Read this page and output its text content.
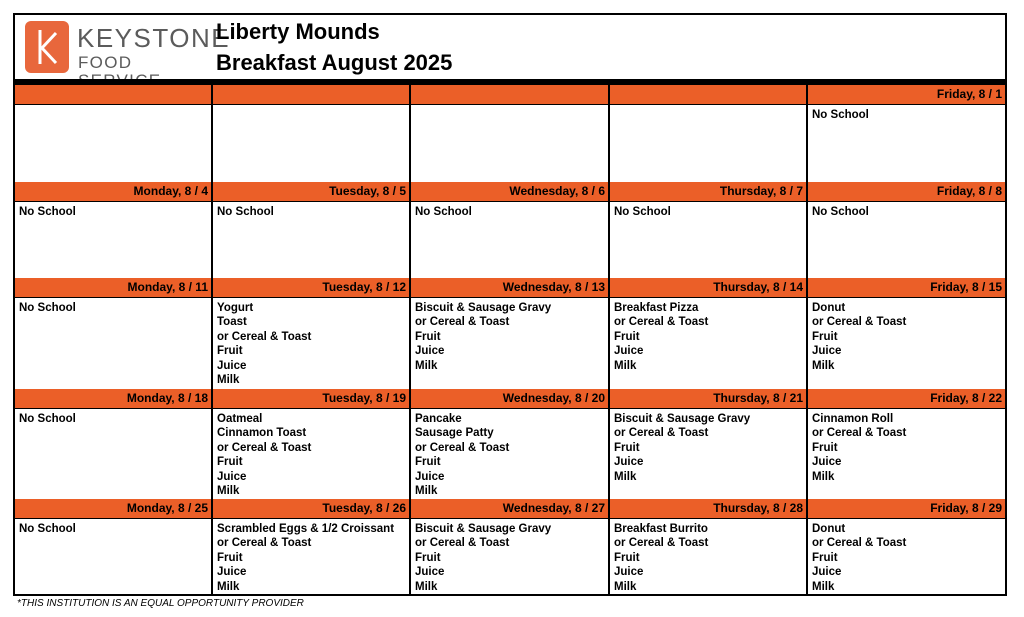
KEYSTONE
FOOD
Liberty Mounds
Breakfast August 2025
Friday, 8 / 1
No School
Monday, 8 / 4
No School
Tuesday, 8 / 5
No School
Wednesday, 8 / 6
No School
Thursday, 8 / 7
No School
Friday, 8 / 8
No School
Monday, 8 / 11
No School
Tuesday, 8 / 12
Yogurt
Toast
or Cereal & Toast
Fruit
Juice
Milk
Wednesday, 8 / 13
Biscuit & Sausage Gravy
or Cereal & Toast
Fruit
Juice
Milk
Thursday, 8 / 14
Breakfast Pizza
or Cereal & Toast
Fruit
Juice
Milk
Friday, 8 / 15
Donut
or Cereal & Toast
Fruit
Juice
Milk
Monday, 8 / 18
No School
Tuesday, 8 / 19
Oatmeal
Cinnamon Toast
or Cereal & Toast
Fruit
Juice
Milk
Wednesday, 8 / 20
Pancake
Sausage Patty
or Cereal & Toast
Fruit
Juice
Milk
Thursday, 8 / 21
Biscuit & Sausage Gravy
or Cereal & Toast
Fruit
Juice
Milk
Friday, 8 / 22
Cinnamon Roll
or Cereal & Toast
Fruit
Juice
Milk
Monday, 8 / 25
No School
Tuesday, 8 / 26
Scrambled Eggs & 1/2 Croissant
or Cereal & Toast
Fruit
Juice
Milk
Wednesday, 8 / 27
Biscuit & Sausage Gravy
or Cereal & Toast
Fruit
Juice
Milk
Thursday, 8 / 28
Breakfast Burrito
or Cereal & Toast
Fruit
Juice
Milk
Friday, 8 / 29
Donut
or Cereal & Toast
Fruit
Juice
Milk
*THIS INSTITUTION IS AN EQUAL OPPORTUNITY PROVIDER
